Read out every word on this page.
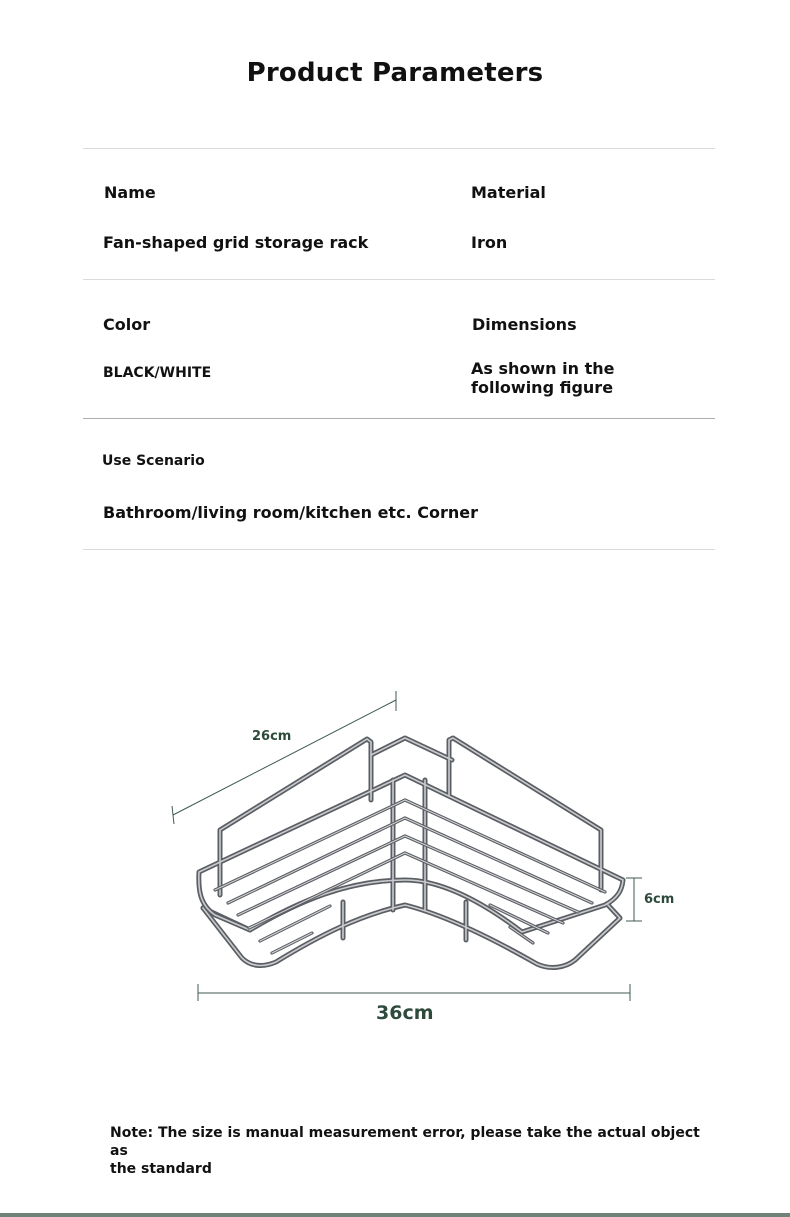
Product Parameters
Name	Material
Fan-shaped grid storage rack	Iron
Color	Dimensions
BLACK/WHITE	As shown in the
following figure
Use Scenario
Bathroom/living room/kitchen etc. Corner
26cm
6cm
36cm
Note: The size is manual measurement error, please take the actual object as
the standard
